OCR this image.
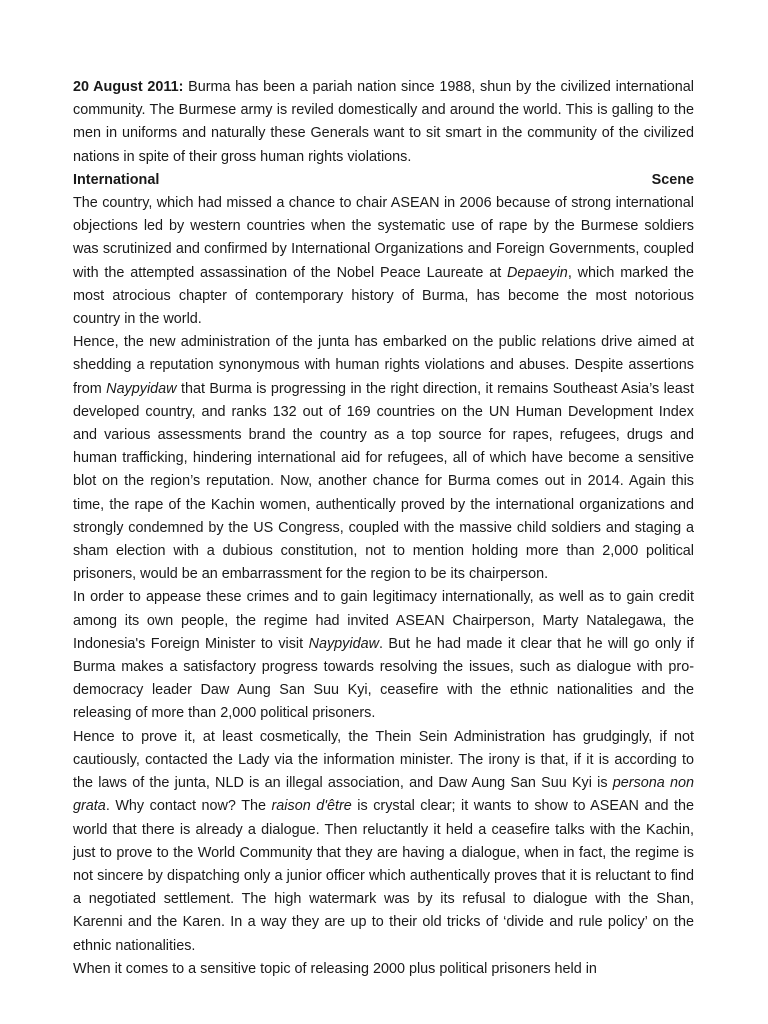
20 August 2011: Burma has been a pariah nation since 1988, shun by the civilized international community. The Burmese army is reviled domestically and around the world. This is galling to the men in uniforms and naturally these Generals want to sit smart in the community of the civilized nations in spite of their gross human rights violations.

International	Scene

The country, which had missed a chance to chair ASEAN in 2006 because of strong international objections led by western countries when the systematic use of rape by the Burmese soldiers was scrutinized and confirmed by International Organizations and Foreign Governments, coupled with the attempted assassination of the Nobel Peace Laureate at Depaeyin, which marked the most atrocious chapter of contemporary history of Burma, has become the most notorious country in the world.

Hence, the new administration of the junta has embarked on the public relations drive aimed at shedding a reputation synonymous with human rights violations and abuses. Despite assertions from Naypyidaw that Burma is progressing in the right direction, it remains Southeast Asia’s least developed country, and ranks 132 out of 169 countries on the UN Human Development Index and various assessments brand the country as a top source for rapes, refugees, drugs and human trafficking, hindering international aid for refugees, all of which have become a sensitive blot on the region’s reputation. Now, another chance for Burma comes out in 2014. Again this time, the rape of the Kachin women, authentically proved by the international organizations and strongly condemned by the US Congress, coupled with the massive child soldiers and staging a sham election with a dubious constitution, not to mention holding more than 2,000 political prisoners, would be an embarrassment for the region to be its chairperson.

In order to appease these crimes and to gain legitimacy internationally, as well as to gain credit among its own people, the regime had invited ASEAN Chairperson, Marty Natalegawa, the Indonesia's Foreign Minister to visit Naypyidaw. But he had made it clear that he will go only if Burma makes a satisfactory progress towards resolving the issues, such as dialogue with pro-democracy leader Daw Aung San Suu Kyi, ceasefire with the ethnic nationalities and the releasing of more than 2,000 political prisoners.

Hence to prove it, at least cosmetically, the Thein Sein Administration has grudgingly, if not cautiously, contacted the Lady via the information minister. The irony is that, if it is according to the laws of the junta, NLD is an illegal association, and Daw Aung San Suu Kyi is persona non grata. Why contact now? The raison d'être is crystal clear; it wants to show to ASEAN and the world that there is already a dialogue. Then reluctantly it held a ceasefire talks with the Kachin, just to prove to the World Community that they are having a dialogue, when in fact, the regime is not sincere by dispatching only a junior officer which authentically proves that it is reluctant to find a negotiated settlement. The high watermark was by its refusal to dialogue with the Shan, Karenni and the Karen. In a way they are up to their old tricks of ‘divide and rule policy’ on the ethnic nationalities.

When it comes to a sensitive topic of releasing 2000 plus political prisoners held in
